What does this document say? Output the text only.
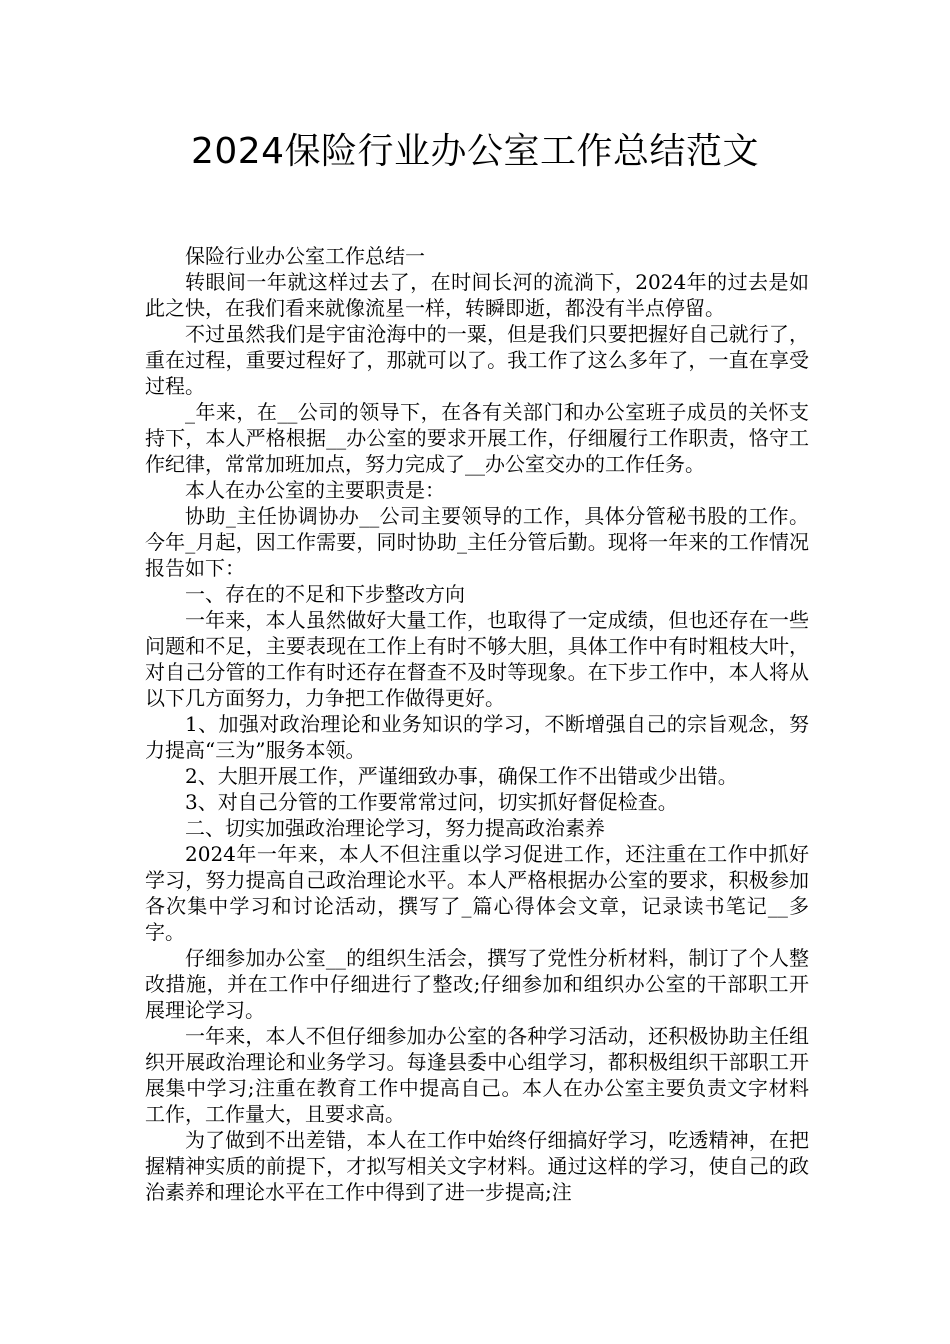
2024保险行业办公室工作总结范文

保险行业办公室工作总结一

转眼间一年就这样过去了，在时间长河的流淌下，2024年的过去是如此之快，在我们看来就像流星一样，转瞬即逝，都没有半点停留。

不过虽然我们是宇宙沧海中的一粟，但是我们只要把握好自己就行了，重在过程，重要过程好了，那就可以了。我工作了这么多年了，一直在享受过程。

_年来，在__公司的领导下，在各有关部门和办公室班子成员的关怀支持下，本人严格根据__办公室的要求开展工作，仔细履行工作职责，恪守工作纪律，常常加班加点，努力完成了__办公室交办的工作任务。

本人在办公室的主要职责是：

协助_主任协调协办__公司主要领导的工作，具体分管秘书股的工作。今年_月起，因工作需要，同时协助_主任分管后勤。现将一年来的工作情况报告如下：

一、存在的不足和下步整改方向

一年来，本人虽然做好大量工作，也取得了一定成绩，但也还存在一些问题和不足，主要表现在工作上有时不够大胆，具体工作中有时粗枝大叶，对自己分管的工作有时还存在督查不及时等现象。在下步工作中，本人将从以下几方面努力，力争把工作做得更好。

1、加强对政治理论和业务知识的学习，不断增强自己的宗旨观念，努力提高“三为”服务本领。

2、大胆开展工作，严谨细致办事，确保工作不出错或少出错。

3、对自己分管的工作要常常过问，切实抓好督促检查。

二、切实加强政治理论学习，努力提高政治素养

2024年一年来，本人不但注重以学习促进工作，还注重在工作中抓好学习，努力提高自己政治理论水平。本人严格根据办公室的要求，积极参加各次集中学习和讨论活动，撰写了_篇心得体会文章，记录读书笔记__多字。

仔细参加办公室__的组织生活会，撰写了党性分析材料，制订了个人整改措施，并在工作中仔细进行了整改;仔细参加和组织办公室的干部职工开展理论学习。

一年来，本人不但仔细参加办公室的各种学习活动，还积极协助主任组织开展政治理论和业务学习。每逢县委中心组学习，都积极组织干部职工开展集中学习;注重在教育工作中提高自己。本人在办公室主要负责文字材料工作，工作量大，且要求高。

为了做到不出差错，本人在工作中始终仔细搞好学习，吃透精神，在把握精神实质的前提下，才拟写相关文字材料。通过这样的学习，使自己的政治素养和理论水平在工作中得到了进一步提高;注
